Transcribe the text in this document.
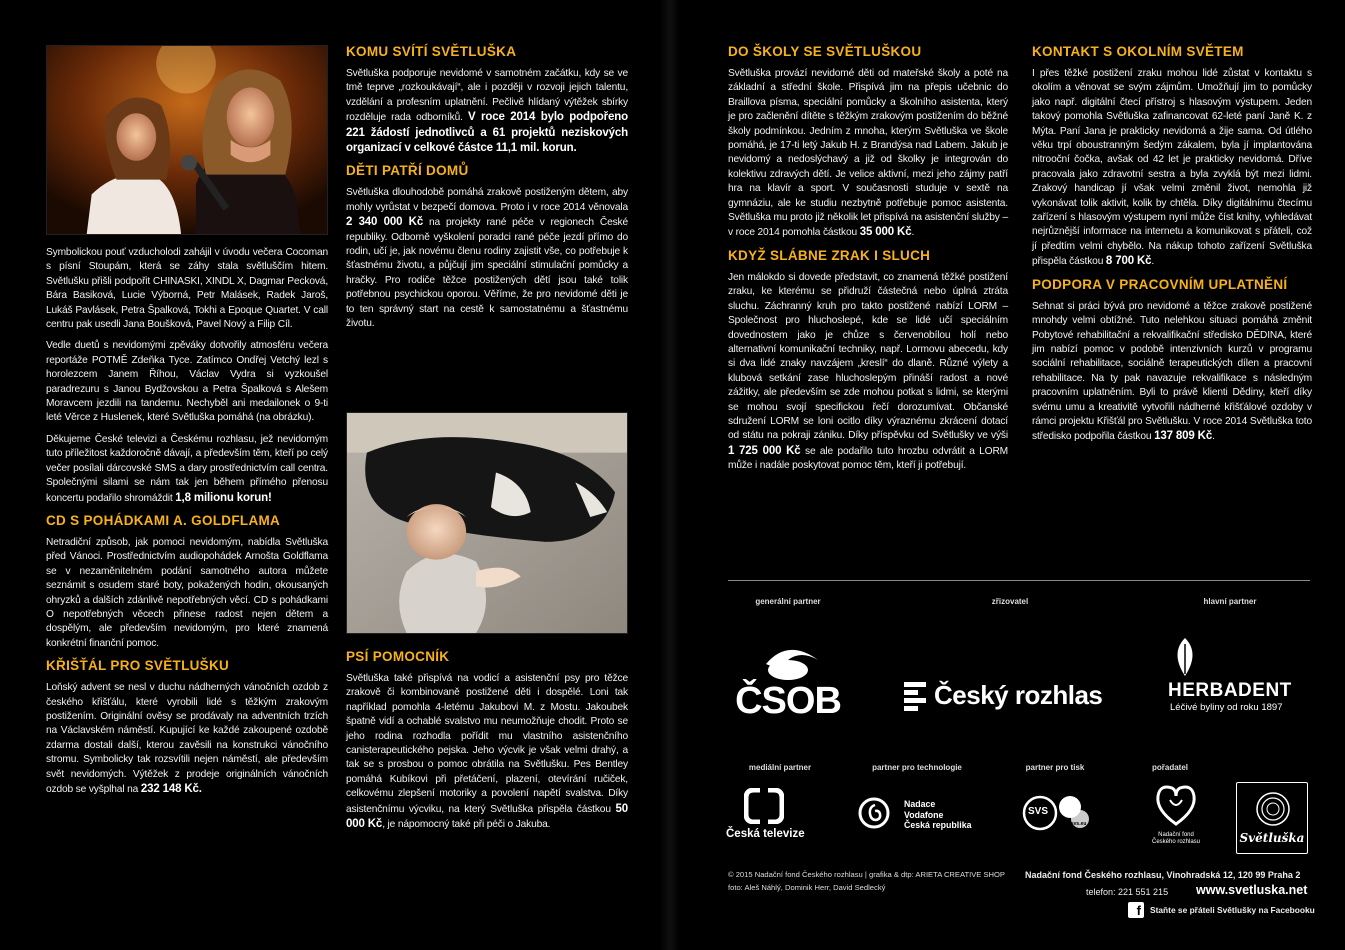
Symbolickou pouť vzducholodi zahájil v úvodu večera Cocoman s písní Stoupám, která se záhy stala světluščím hitem. Světlušku přišli podpořit CHINASKI, XINDL X, Dagmar Pecková, Bára Basiková, Lucie Výborná, Petr Malásek, Radek Jaroš, Lukáš Pavlásek, Petra Špalková, Tokhi a Epoque Quartet. V call centru pak usedli Jana Boušková, Pavel Nový a Filip Cíl.

Vedle duetů s nevidomými zpěváky dotvořily atmosféru večera reportáže POTMĚ Zdeňka Tyce. Zatímco Ondřej Vetchý lezl s horolezcem Janem Říhou, Václav Vydra si vyzkoušel paradrezuru s Janou Bydžovskou a Petra Špalková s Alešem Moravcem jezdili na tandemu. Nechyběl ani medailonek o 9-ti leté Věrce z Huslenek, které Světluška pomáhá (na obrázku).

Děkujeme České televizi a Českému rozhlasu, jež nevidomým tuto příležitost každoročně dávají, a především těm, kteří po celý večer posílali dárcovské SMS a dary prostřednictvím call centra. Společnými silami se nám tak jen během přímého přenosu koncertu podařilo shromáždit 1,8 milionu korun!

CD S POHÁDKAMI A. GOLDFLAMA

Netradiční způsob, jak pomoci nevidomým, nabídla Světluška před Vánoci. Prostřednictvím audiopohádek Arnošta Goldflama se v nezaměnitelném podání samotného autora můžete seznámit s osudem staré boty, pokažených hodin, okousaných ohryzků a dalších zdánlivě nepotřebných věcí. CD s pohádkami O nepotřebných věcech přinese radost nejen dětem a dospělým, ale především nevidomým, pro které znamená konkrétní finanční pomoc.

KŘIŠŤÁL PRO SVĚTLUŠKU

Loňský advent se nesl v duchu nádherných vánočních ozdob z českého křišťálu, které vyrobili lidé s těžkým zrakovým postižením. Originální ověsy se prodávaly na adventních trzích na Václavském náměstí. Kupující ke každé zakoupené ozdobě zdarma dostali další, kterou zavěsili na konstrukci vánočního stromu. Symbolicky tak rozsvítili nejen náměstí, ale především svět nevidomých. Výtěžek z prodeje originálních vánočních ozdob se vyšplhal na 232 148 Kč.

KOMU SVÍTÍ SVĚTLUŠKA

Světluška podporuje nevidomé v samotném začátku, kdy se ve tmě teprve „rozkoukávají“, ale i později v rozvoji jejich talentu, vzdělání a profesním uplatnění. Pečlivě hlídaný výtěžek sbírky rozděluje rada odborníků. V roce 2014 bylo podpořeno 221 žádostí jednotlivců a 61 projektů neziskových organizací v celkové částce 11,1 mil. korun.

DĚTI PATŘÍ DOMŮ

Světluška dlouhodobě pomáhá zrakově postiženým dětem, aby mohly vyrůstat v bezpečí domova. Proto i v roce 2014 věnovala 2 340 000 Kč na projekty rané péče v regionech České republiky. Odborně vyškolení poradci rané péče jezdí přímo do rodin, učí je, jak novému členu rodiny zajistit vše, co potřebuje k šťastnému životu, a půjčují jim speciální stimulační pomůcky a hračky. Pro rodiče těžce postižených dětí jsou také tolik potřebnou psychickou oporou. Věříme, že pro nevidomé děti je to ten správný start na cestě k samostatnému a šťastnému životu.

PSÍ POMOCNÍK

Světluška také přispívá na vodicí a asistenční psy pro těžce zrakově či kombinovaně postižené děti i dospělé. Loni tak například pomohla 4-letému Jakubovi M. z Mostu. Jakoubek špatně vidí a ochablé svalstvo mu neumožňuje chodit. Proto se jeho rodina rozhodla pořídit mu vlastního asistenčního canisterapeutického pejska. Jeho výcvik je však velmi drahý, a tak se s prosbou o pomoc obrátila na Světlušku. Pes Bentley pomáhá Kubíkovi při přetáčení, plazení, otevírání ručiček, celkovému zlepšení motoriky a povolení napětí svalstva. Díky asistenčnímu výcviku, na který Světluška přispěla částkou 50 000 Kč, je nápomocný také při péči o Jakuba.

DO ŠKOLY SE SVĚTLUŠKOU

Světluška provází nevidomé děti od mateřské školy a poté na základní a střední škole. Přispívá jim na přepis učebnic do Braillova písma, speciální pomůcky a školního asistenta, který je pro začlenění dítěte s těžkým zrakovým postižením do běžné školy podmínkou. Jedním z mnoha, kterým Světluška ve škole pomáhá, je 17-ti letý Jakub H. z Brandýsa nad Labem. Jakub je nevidomý a nedoslýchavý a již od školky je integrován do kolektivu zdravých dětí. Je velice aktivní, mezi jeho zájmy patří hra na klavír a sport. V současnosti studuje v sextě na gymnáziu, ale ke studiu nezbytně potřebuje pomoc asistenta. Světluška mu proto již několik let přispívá na asistenční služby – v roce 2014 pomohla částkou 35 000 Kč.

KDYŽ SLÁBNE ZRAK I SLUCH

Jen málokdo si dovede představit, co znamená těžké postižení zraku, ke kterému se přidruží částečná nebo úplná ztráta sluchu. Záchranný kruh pro takto postižené nabízí LORM – Společnost pro hluchoslepé, kde se lidé učí speciálním dovednostem jako je chůze s červenobílou holí nebo alternativní komunikační techniky, např. Lormovu abecedu, kdy si dva lidé znaky navzájem „kreslí“ do dlaně. Různé výlety a klubová setkání zase hluchoslepým přináší radost a nové zážitky, ale především se zde mohou potkat s lidmi, se kterými se mohou svojí specifickou řečí dorozumívat. Občanské sdružení LORM se loni ocitlo díky výraznému zkrácení dotací od státu na pokraji zániku. Díky příspěvku od Světlušky ve výši 1 725 000 Kč se ale podařilo tuto hrozbu odvrátit a LORM může i nadále poskytovat pomoc těm, kteří ji potřebují.

KONTAKT S OKOLNÍM SVĚTEM

I přes těžké postižení zraku mohou lidé zůstat v kontaktu s okolím a věnovat se svým zájmům. Umožňují jim to pomůcky jako např. digitální čtecí přístroj s hlasovým výstupem. Jeden takový pomohla Světluška zafinancovat 62-leté paní Janě K. z Mýta. Paní Jana je prakticky nevidomá a žije sama. Od útlého věku trpí oboustranným šedým zákalem, byla jí implantována nitrooční čočka, avšak od 42 let je prakticky nevidomá. Dříve pracovala jako zdravotní sestra a byla zvyklá být mezi lidmi. Zrakový handicap jí však velmi změnil život, nemohla již vykonávat tolik aktivit, kolik by chtěla. Díky digitálnímu čtecímu zařízení s hlasovým výstupem nyní může číst knihy, vyhledávat nejrůznější informace na internetu a komunikovat s přáteli, což jí předtím velmi chybělo. Na nákup tohoto zařízení Světluška přispěla částkou 8 700 Kč.

PODPORA V PRACOVNÍM UPLATNĚNÍ

Sehnat si práci bývá pro nevidomé a těžce zrakově postižené mnohdy velmi obtížné. Tuto nelehkou situaci pomáhá změnit Pobytové rehabilitační a rekvalifikační středisko DĚDINA, které jim nabízí pomoc v podobě intenzivních kurzů v programu sociální rehabilitace, sociálně terapeutických dílen a pracovní rehabilitace. Na ty pak navazuje rekvalifikace s následným pracovním uplatněním. Byli to právě klienti Dědiny, kteří díky svému umu a kreativitě vytvořili nádherné křišťálové ozdoby v rámci projektu Křišťál pro Světlušku. V roce 2014 Světluška toto středisko podpořila částkou 137 809 Kč.

generální partner	zřizovatel	hlavní partner
ČSOB	Český rozhlas	HERBADENT
Léčivé byliny od roku 1897
mediální partner	partner pro technologie	partner pro tisk	pořadatel
Česká televize
Nadace
Vodafone
Česká republika
SVS
www.svs.eu
Nadační fond
Českého rozhlasu	Světluška
© 2015 Nadační fond Českého rozhlasu | grafika & dtp: ARIETA CREATIVE SHOP
foto: Aleš Náhlý, Dominik Herr, David Sedlecký
Nadační fond Českého rozhlasu, Vinohradská 12, 120 99 Praha 2
telefon: 221 551 215 www.svetluska.net
f	Staňte se přáteli Světlušky na Facebooku
